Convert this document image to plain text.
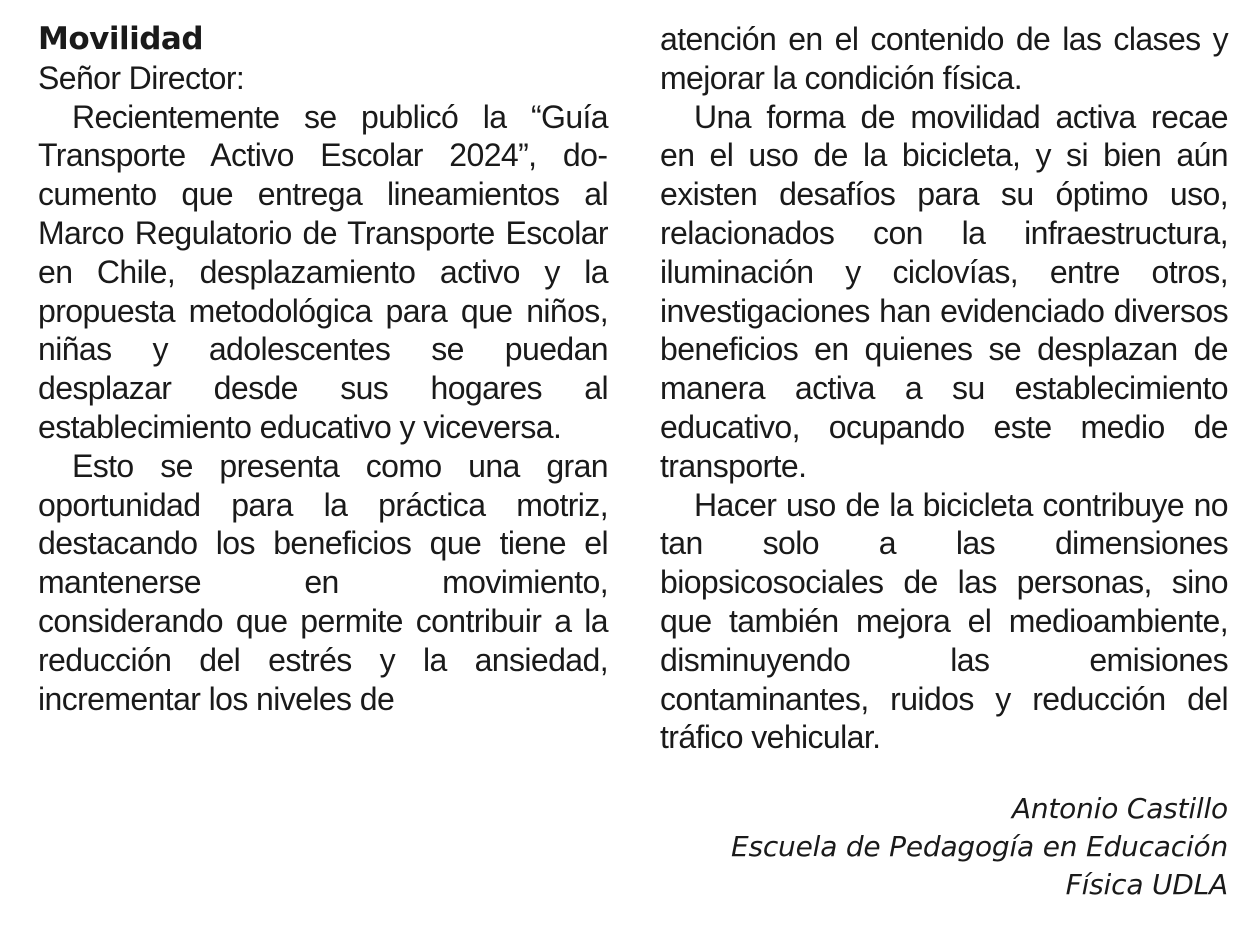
Movilidad
Señor Director:

Recientemente se publicó la “Guía Transporte Activo Escolar 2024”, documento que entrega lineamientos al Marco Regulatorio de Transporte Escolar en Chile, desplazamiento activo y la propuesta metodológica para que niños, niñas y adolescentes se puedan desplazar desde sus hogares al establecimiento educativo y viceversa.

Esto se presenta como una gran oportunidad para la práctica motriz, destacando los beneficios que tiene el mantenerse en movimiento, considerando que permite contribuir a la reducción del estrés y la ansiedad, incrementar los niveles de

atención en el contenido de las clases y mejorar la condición física.

Una forma de movilidad activa recae en el uso de la bicicleta, y si bien aún existen desafíos para su óptimo uso, relacionados con la infraestructura, iluminación y ciclovías, entre otros, investigaciones han evidenciado diversos beneficios en quienes se desplazan de manera activa a su establecimiento educativo, ocupando este medio de transporte.

Hacer uso de la bicicleta contribuye no tan solo a las dimensiones biopsicosociales de las personas, sino que también mejora el medioambiente, disminuyendo las emisiones contaminantes, ruidos y reducción del tráfico vehicular.

Antonio Castillo
Escuela de Pedagogía en Educación
Física UDLA
